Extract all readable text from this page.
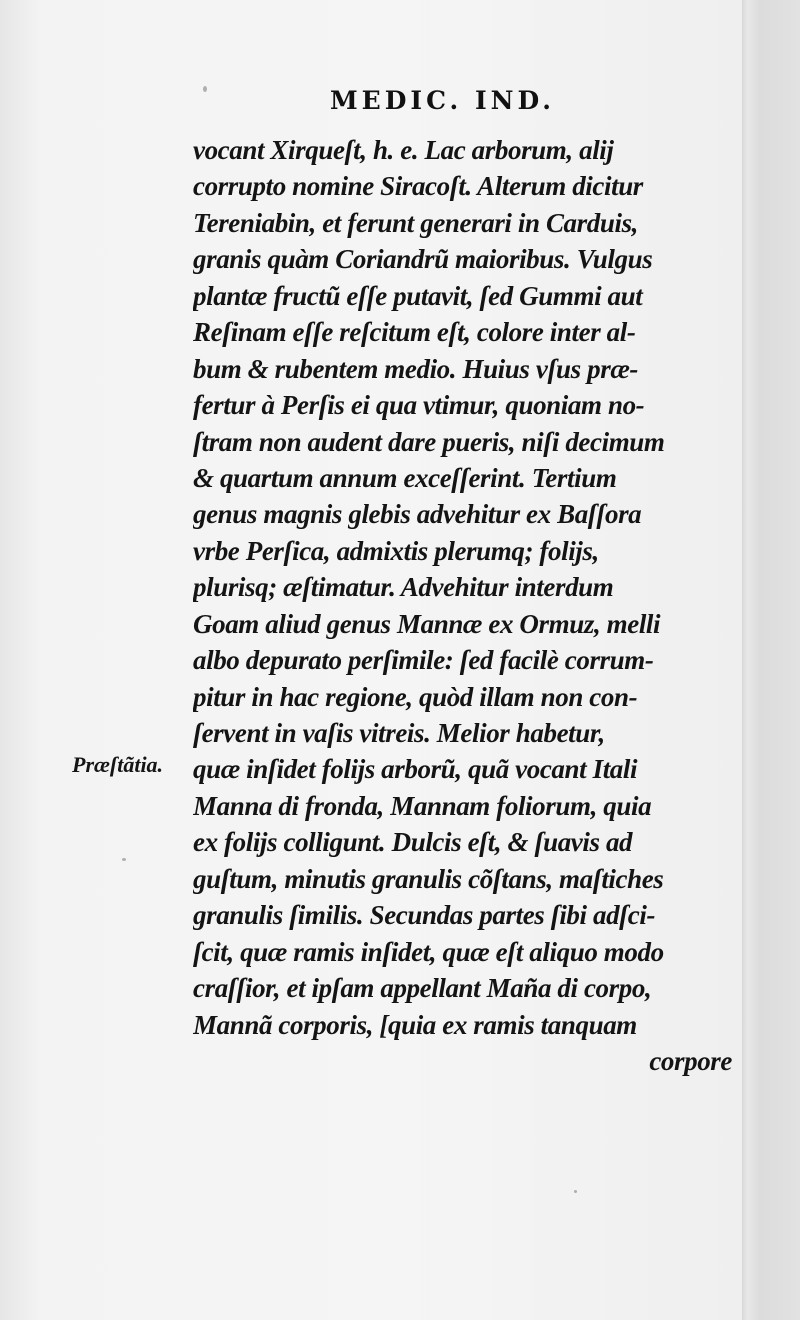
MEDIC. IND.
Præſtãtia.
vocant Xirqueſt, h. e. Lac arborum, alij
corrupto nomine Siracoſt. Alterum dicitur
Tereniabin, et ferunt generari in Carduis,
granis quàm Coriandrũ maioribus. Vulgus
plantæ fructũ eſſe putavit, ſed Gummi aut
Reſinam eſſe reſcitum eſt, colore inter al-
bum & rubentem medio. Huius vſus præ-
fertur à Perſis ei qua vtimur, quoniam no-
ſtram non audent dare pueris, niſi decimum
& quartum annum exceſſerint. Tertium
genus magnis glebis advehitur ex Baſſora
vrbe Perſica, admixtis plerumq; folijs,
plurisq; æſtimatur. Advehitur interdum
Goam aliud genus Mannæ ex Ormuz, melli
albo depurato perſimile: ſed facilè corrum-
pitur in hac regione, quòd illam non con-
ſervent in vaſis vitreis. Melior habetur,
quæ inſidet folijs arborũ, quã vocant Itali
Manna di fronda, Mannam foliorum, quia
ex folijs colligunt. Dulcis eſt, & ſuavis ad
guſtum, minutis granulis cõſtans, maſtiches
granulis ſimilis. Secundas partes ſibi adſci-
ſcit, quæ ramis inſidet, quæ eſt aliquo modo
craſſior, et ipſam appellant Mañа di corpo,
Mannã corporis, [quia ex ramis tanquam
corpore
